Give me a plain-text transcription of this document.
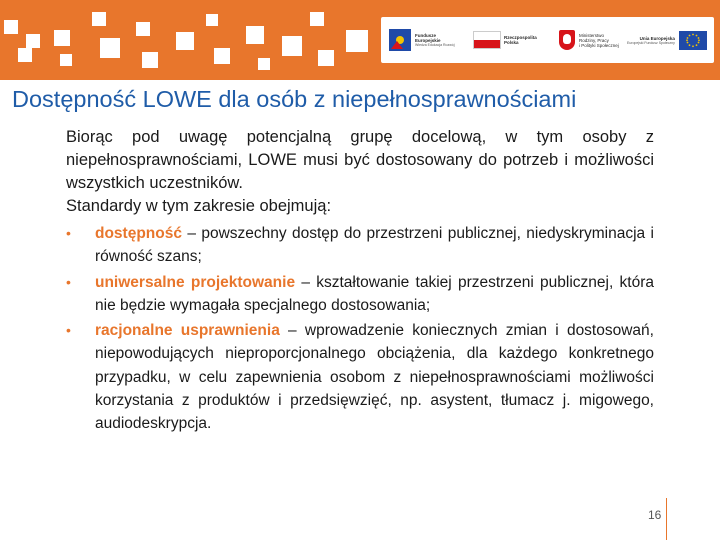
Fundusze
Europejskie
Wiedza Edukacja Rozwój
Rzeczpospolita
Polska
Ministerstwo
Rodziny, Pracy
i Polityki Społecznej
Unia Europejska
Europejski Fundusz Społeczny
Dostępność LOWE dla osób z niepełnosprawnościami
Biorąc pod uwagę potencjalną grupę docelową, w tym osoby z niepełnosprawnościami, LOWE musi być dostosowany do potrzeb i możliwości wszystkich uczestników.
Standardy w tym zakresie obejmują:
• dostępność – powszechny dostęp do przestrzeni publicznej, niedyskryminacja i równość szans;
• uniwersalne projektowanie – kształtowanie takiej przestrzeni publicznej, która nie będzie wymagała specjalnego dostosowania;
• racjonalne usprawnienia – wprowadzenie koniecznych zmian i dostosowań, niepowodujących nieproporcjonalnego obciążenia, dla każdego konkretnego przypadku, w celu zapewnienia osobom z niepełnosprawnościami możliwości korzystania z produktów i przedsięwzięć, np. asystent, tłumacz j. migowego, audiodeskrypcja.
16
